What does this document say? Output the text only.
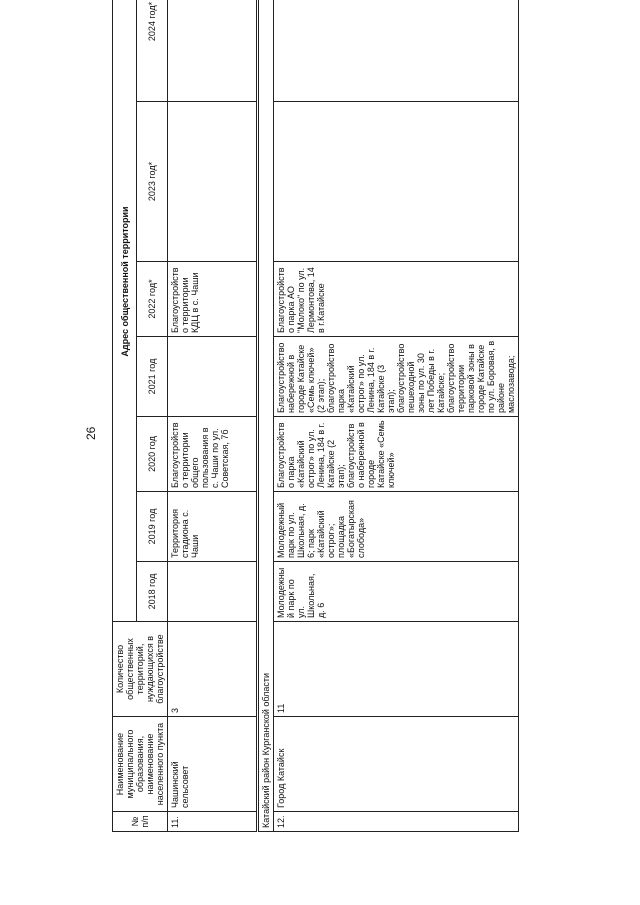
26
№ п/п	Наименование муниципального образования, наименование населенного пункта	Количество общественных территорий, нуждающихся в благоустройстве	Адрес общественной территории						
			2018 год	2019 год	2020 год	2021 год	2022 год*	2023 год*	2024 год*
11.	Чашинский сельсовет	3		Территория стадиона с. Чаши	Благоустройство территории общего пользования в с. Чаши по ул. Советская, 7б		Благоустройство территории КДЦ в с. Чаши		
Катайский район Курганской области									
12.	Город Катайск	11	Молодежный парк по ул. Школьная, д. 6	Молодежный парк по ул. Школьная, д. 6; парк «Катайский острог»; площадка «Богатырская слобода»	Благоустройство парка «Катайский острог» по ул. Ленина, 184 в г. Катайске (2 этап); благоустройство набережной в городе Катайске «Семь ключей»	Благоустройство набережной в городе Катайске «Семь ключей» (2 этап); благоустройство парка «Катайский острог» по ул. Ленина, 184 в г. Катайске (3 этап); благоустройство пешеходной зоны по ул. 30 лет Победы в г. Катайске; благоустройство территории парковой зоны в городе Катайске по ул. Боровая, в районе маслозавода;	Благоустройство парка АО "Молоко" по ул. Лермонтова, 14 в г.Катайске		
